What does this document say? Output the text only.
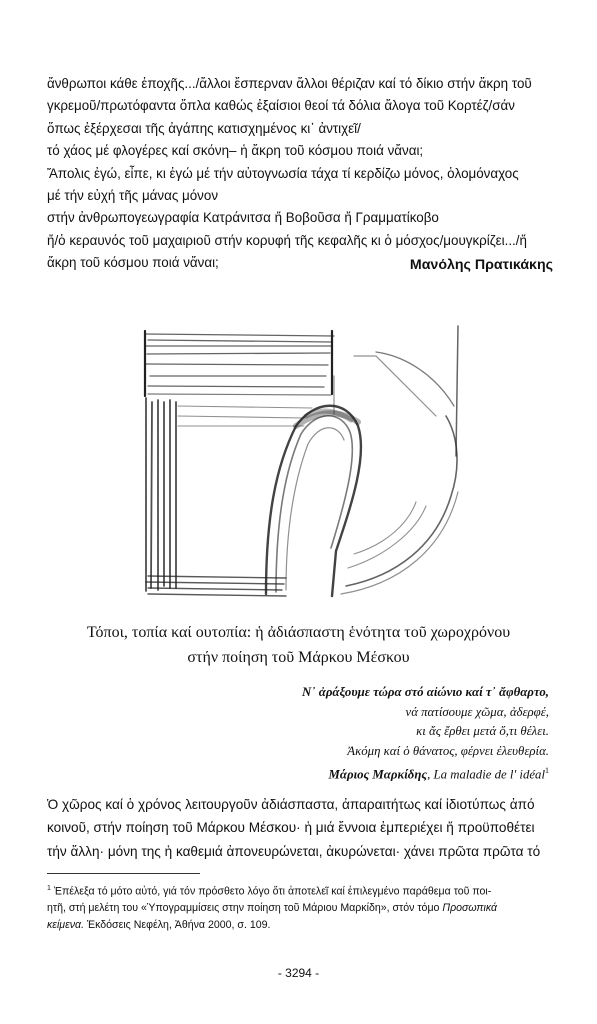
ἄνθρωποι κάθε ἐποχῆς.../ἄλλοι ἔσπερναν ἄλλοι θέριζαν καί τό δίκιο στήν ἄκρη τοῦ
γκρεμοῦ/πρωτόφαντα ὅπλα καθώς ἐξαίσιοι θεοί τά δόλια ἄλογα τοῦ Κορτέζ/σάν
ὅπως ἐξέρχεσαι τῆς ἀγάπης κατισχημένος κι᾽ ἀντιχεῖ/
τό χάος μέ φλογέρες καί σκόνη– ἡ ἄκρη τοῦ κόσμου ποιά νἄναι;
Ἄπολις ἐγώ, εἶπε, κι ἐγώ μέ τήν αὐτογνωσία τάχα τί κερδίζω μόνος, ὁλομόναχος
μέ τήν εὐχή τῆς μάνας μόνον
στήν ἀνθρωπογεωγραφία Κατράνιτσα ἤ Βοβοῦσα ἤ Γραμματίκοβο
ἤ/ὁ κεραυνός τοῦ μαχαιριοῦ στήν κορυφή τῆς κεφαλῆς κι ὁ μόσχος/μουγκρίζει.../ἤ
ἄκρη τοῦ κόσμου ποιά νἄναι;	Μανόλης Πρατικάκης
Τόποι, τοπία καί ουτοπία: ἡ ἀδιάσπαστη ἑνότητα τοῦ χωροχρόνου
στήν ποίηση τοῦ Μάρκου Μέσκου
Ν᾽ ἀράξουμε τώρα στό αἰώνιο καί τ᾽ ἄφθαρτο,
νά πατίσουμε χῶμα, ἀδερφέ,
κι ἄς ἔρθει μετά ὅ,τι θέλει.
Ἀκόμη καί ὁ θάνατος, φέρνει ἐλευθερία.
Μάριος Μαρκίδης, La maladie de l' idéal$^1$
Ὁ χῶρος καί ὁ χρόνος λειτουργοῦν ἀδιάσπαστα, ἀπαραιτήτως καί ἰδιοτύπως ἀπό
κοινοῦ, στήν ποίηση τοῦ Μάρκου Μέσκου· ἡ μιά ἔννοια ἐμπεριέχει ἤ προϋποθέτει
τήν ἄλλη· μόνη της ἡ καθεμιά ἀπονευρώνεται, ἀκυρώνεται· χάνει πρῶτα πρῶτα τό
$^1$ Ἐπέλεξα τό μότο αὐτό, γιά τόν πρόσθετο λόγο ὅτι ἀποτελεῖ καί ἐπιλεγμένο παράθεμα τοῦ ποι-
ητῆ, στή μελέτη του «Ὑπογραμμίσεις στην ποίηση τοῦ Μάριου Μαρκίδη», στόν τόμο Προσωπικά
κείμενα. Ἐκδόσεις Νεφέλη, Ἀθήνα 2000, σ. 109.
- 3294 -
